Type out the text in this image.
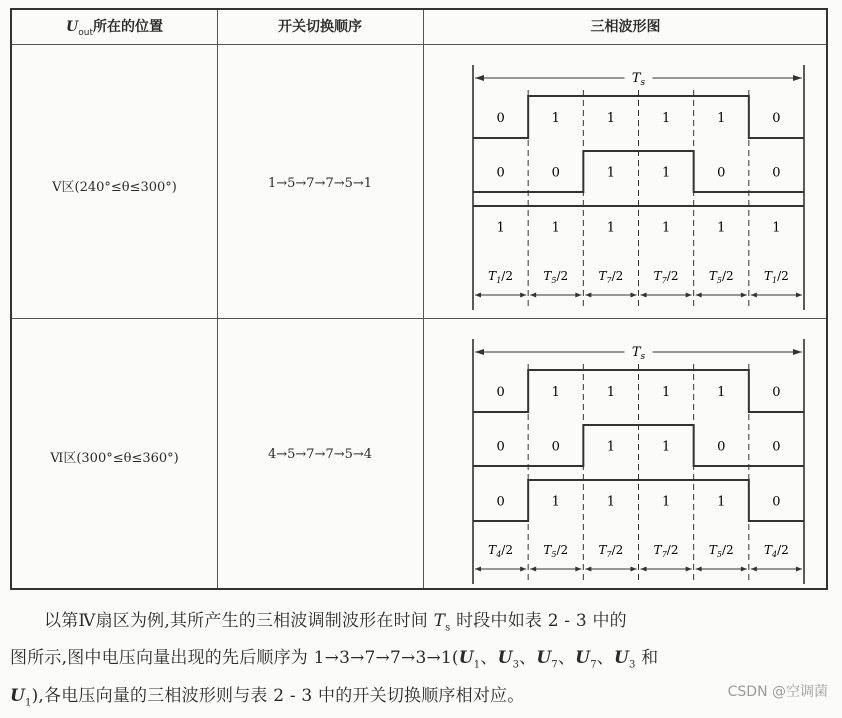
$U_{out}$所在的位置	开关切换顺序	三相波形图
Ⅴ区(240°≤θ≤300°)	1→5→7→7→5→1
$T_s$
0	1	1	1	1	0
0	0	1	1	0	0
1	1	1	1	1	1
$T_1/2$	$T_5/2$	$T_7/2$	$T_7/2$	$T_5/2$	$T_1/2$
Ⅵ区(300°≤θ≤360°)	4→5→7→7→5→4
$T_s$
0	1	1	1	1	0
0	0	1	1	0	0
0	1	1	1	1	0
$T_4/2$	$T_5/2$	$T_7/2$	$T_7/2$	$T_5/2$	$T_4/2$

以第Ⅳ扇区为例,其所产生的三相波调制波形在时间 $T_s$ 时段中如表 2 - 3 中的

图所示,图中电压向量出现的先后顺序为 $1\to 3\to 7\to 7\to 3\to 1(U_1$、$U_3$、$U_7$、$U_7$、$U_3$ 和

$U_1$),各电压向量的三相波形则与表 2 - 3 中的开关切换顺序相对应。	CSDN @空调菌
